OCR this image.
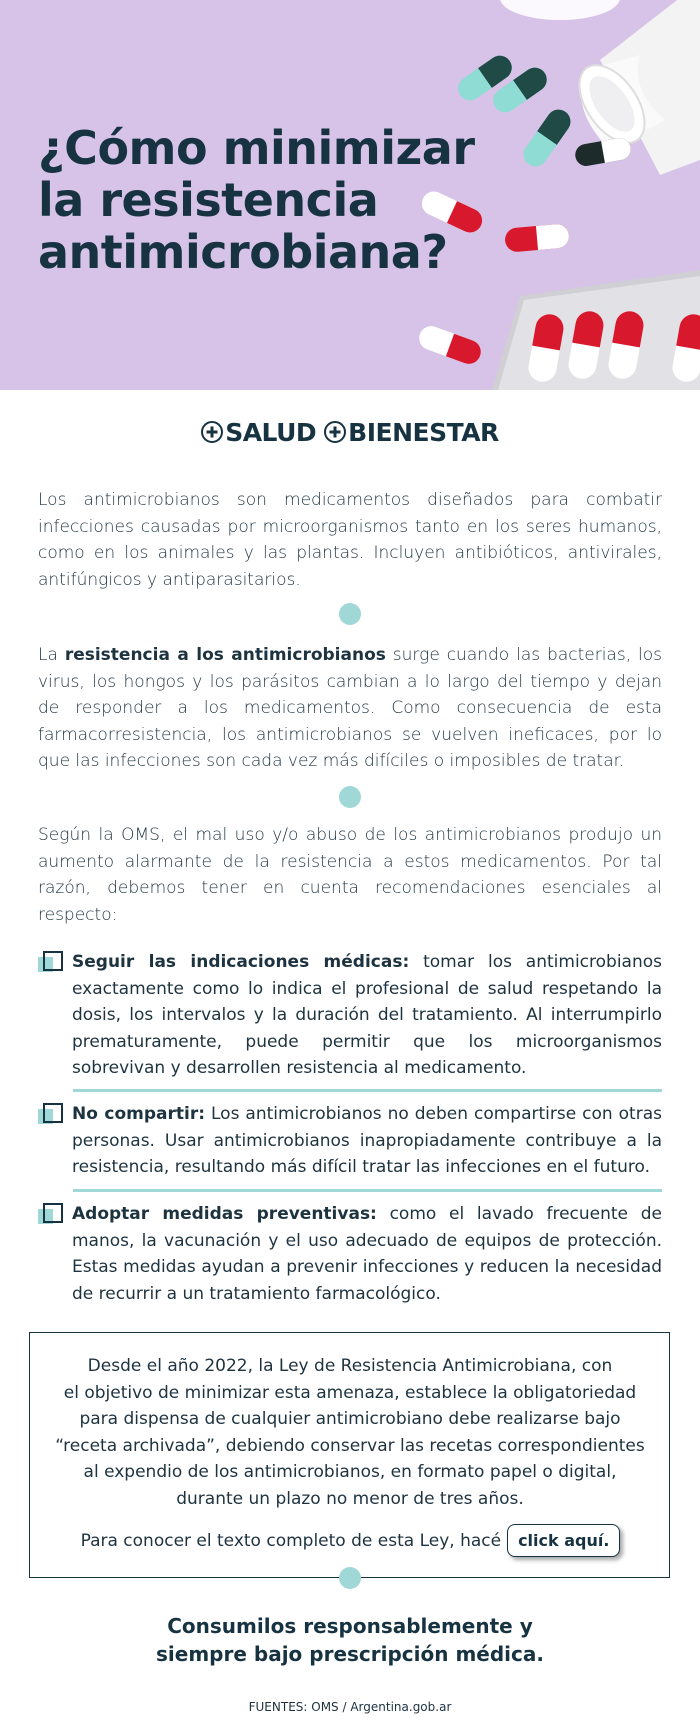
¿Cómo minimizar
la resistencia
antimicrobiana?
SALUD BIENESTAR

Los antimicrobianos son medicamentos diseñados para combatir infecciones causadas por microorganismos tanto en los seres humanos, como en los animales y las plantas. Incluyen antibióticos, antivirales, antifúngicos y antiparasitarios.

La resistencia a los antimicrobianos surge cuando las bacterias, los virus, los hongos y los parásitos cambian a lo largo del tiempo y dejan de responder a los medicamentos. Como consecuencia de esta farmacorresistencia, los antimicrobianos se vuelven ineficaces, por lo que las infecciones son cada vez más difíciles o imposibles de tratar.

Según la OMS, el mal uso y/o abuso de los antimicrobianos produjo un aumento alarmante de la resistencia a estos medicamentos. Por tal razón, debemos tener en cuenta recomendaciones esenciales al respecto:

Seguir las indicaciones médicas: tomar los antimicrobianos exactamente como lo indica el profesional de salud respetando la dosis, los intervalos y la duración del tratamiento. Al interrumpirlo prematuramente, puede permitir que los microorganismos sobrevivan y desarrollen resistencia al medicamento.

No compartir: Los antimicrobianos no deben compartirse con otras personas. Usar antimicrobianos inapropiadamente contribuye a la resistencia, resultando más difícil tratar las infecciones en el futuro.

Adoptar medidas preventivas: como el lavado frecuente de manos, la vacunación y el uso adecuado de equipos de protección. Estas medidas ayudan a prevenir infecciones y reducen la necesidad de recurrir a un tratamiento farmacológico.

Desde el año 2022, la Ley de Resistencia Antimicrobiana, con
el objetivo de minimizar esta amenaza, establece la obligatoriedad
para dispensa de cualquier antimicrobiano debe realizarse bajo
“receta archivada”, debiendo conservar las recetas correspondientes
al expendio de los antimicrobianos, en formato papel o digital,
durante un plazo no menor de tres años.

Para conocer el texto completo de esta Ley, hacé	click aquí.

Consumilos responsablemente y
siempre bajo prescripción médica.

FUENTES: OMS / Argentina.gob.ar
